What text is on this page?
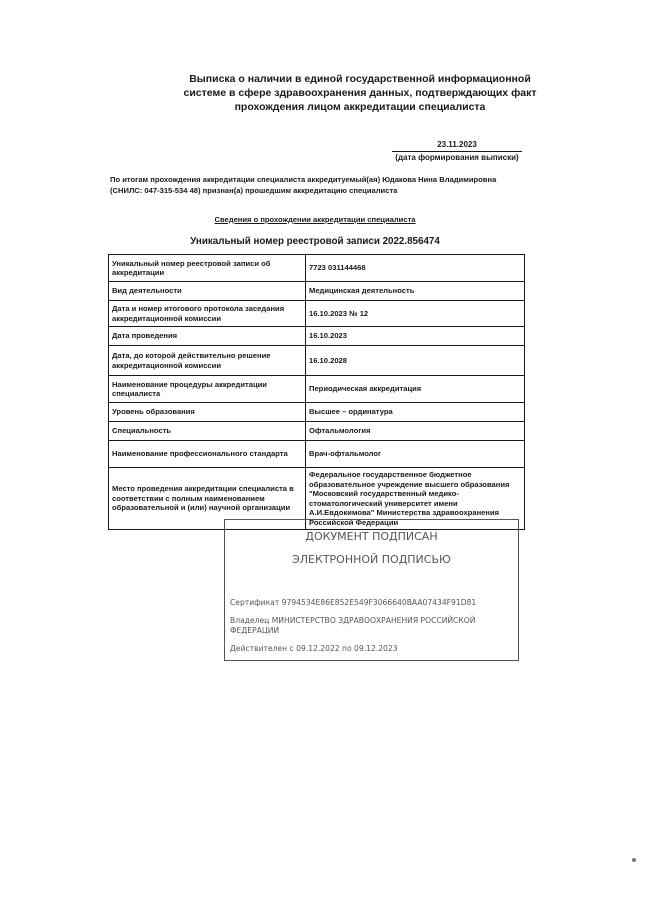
Выписка о наличии в единой государственной информационной
системе в сфере здравоохранения данных, подтверждающих факт
прохождения лицом аккредитации специалиста
23.11.2023
(дата формирования выписки)
По итогам прохождения аккредитации специалиста аккредитуемый(ая) Юдакова Нина Владимировна (СНИЛС: 047-315-534 48) признан(а) прошедшим аккредитацию специалиста
Сведения о прохождении аккредитации специалиста
Уникальный номер реестровой записи 2022.856474
Уникальный номер реестровой записи об аккредитации	7723 031144468
Вид деятельности	Медицинская деятельность
Дата и номер итогового протокола заседания аккредитационной комиссии	16.10.2023 № 12
Дата проведения	16.10.2023
Дата, до которой действительно решение аккредитационной комиссии	16.10.2028
Наименование процедуры аккредитации специалиста	Периодическая аккредитация
Уровень образования	Высшее – ординатура
Специальность	Офтальмология
Наименование профессионального стандарта	Врач-офтальмолог
Место проведения аккредитации специалиста в соответствии с полным наименованием образовательной и (или) научной организации	Федеральное государственное бюджетное образовательное учреждение высшего образования "Московский государственный медико-стоматологический университет имени А.И.Евдокимова" Министерства здравоохранения Российской Федерации
ДОКУМЕНТ ПОДПИСАН
ЭЛЕКТРОННОЙ ПОДПИСЬЮ
Сертификат 9794534E86E852E549F3066640BAA07434F91D81
Владелец МИНИСТЕРСТВО ЗДРАВООХРАНЕНИЯ РОССИЙСКОЙ ФЕДЕРАЦИИ
Действителен с 09.12.2022 по 09.12.2023
